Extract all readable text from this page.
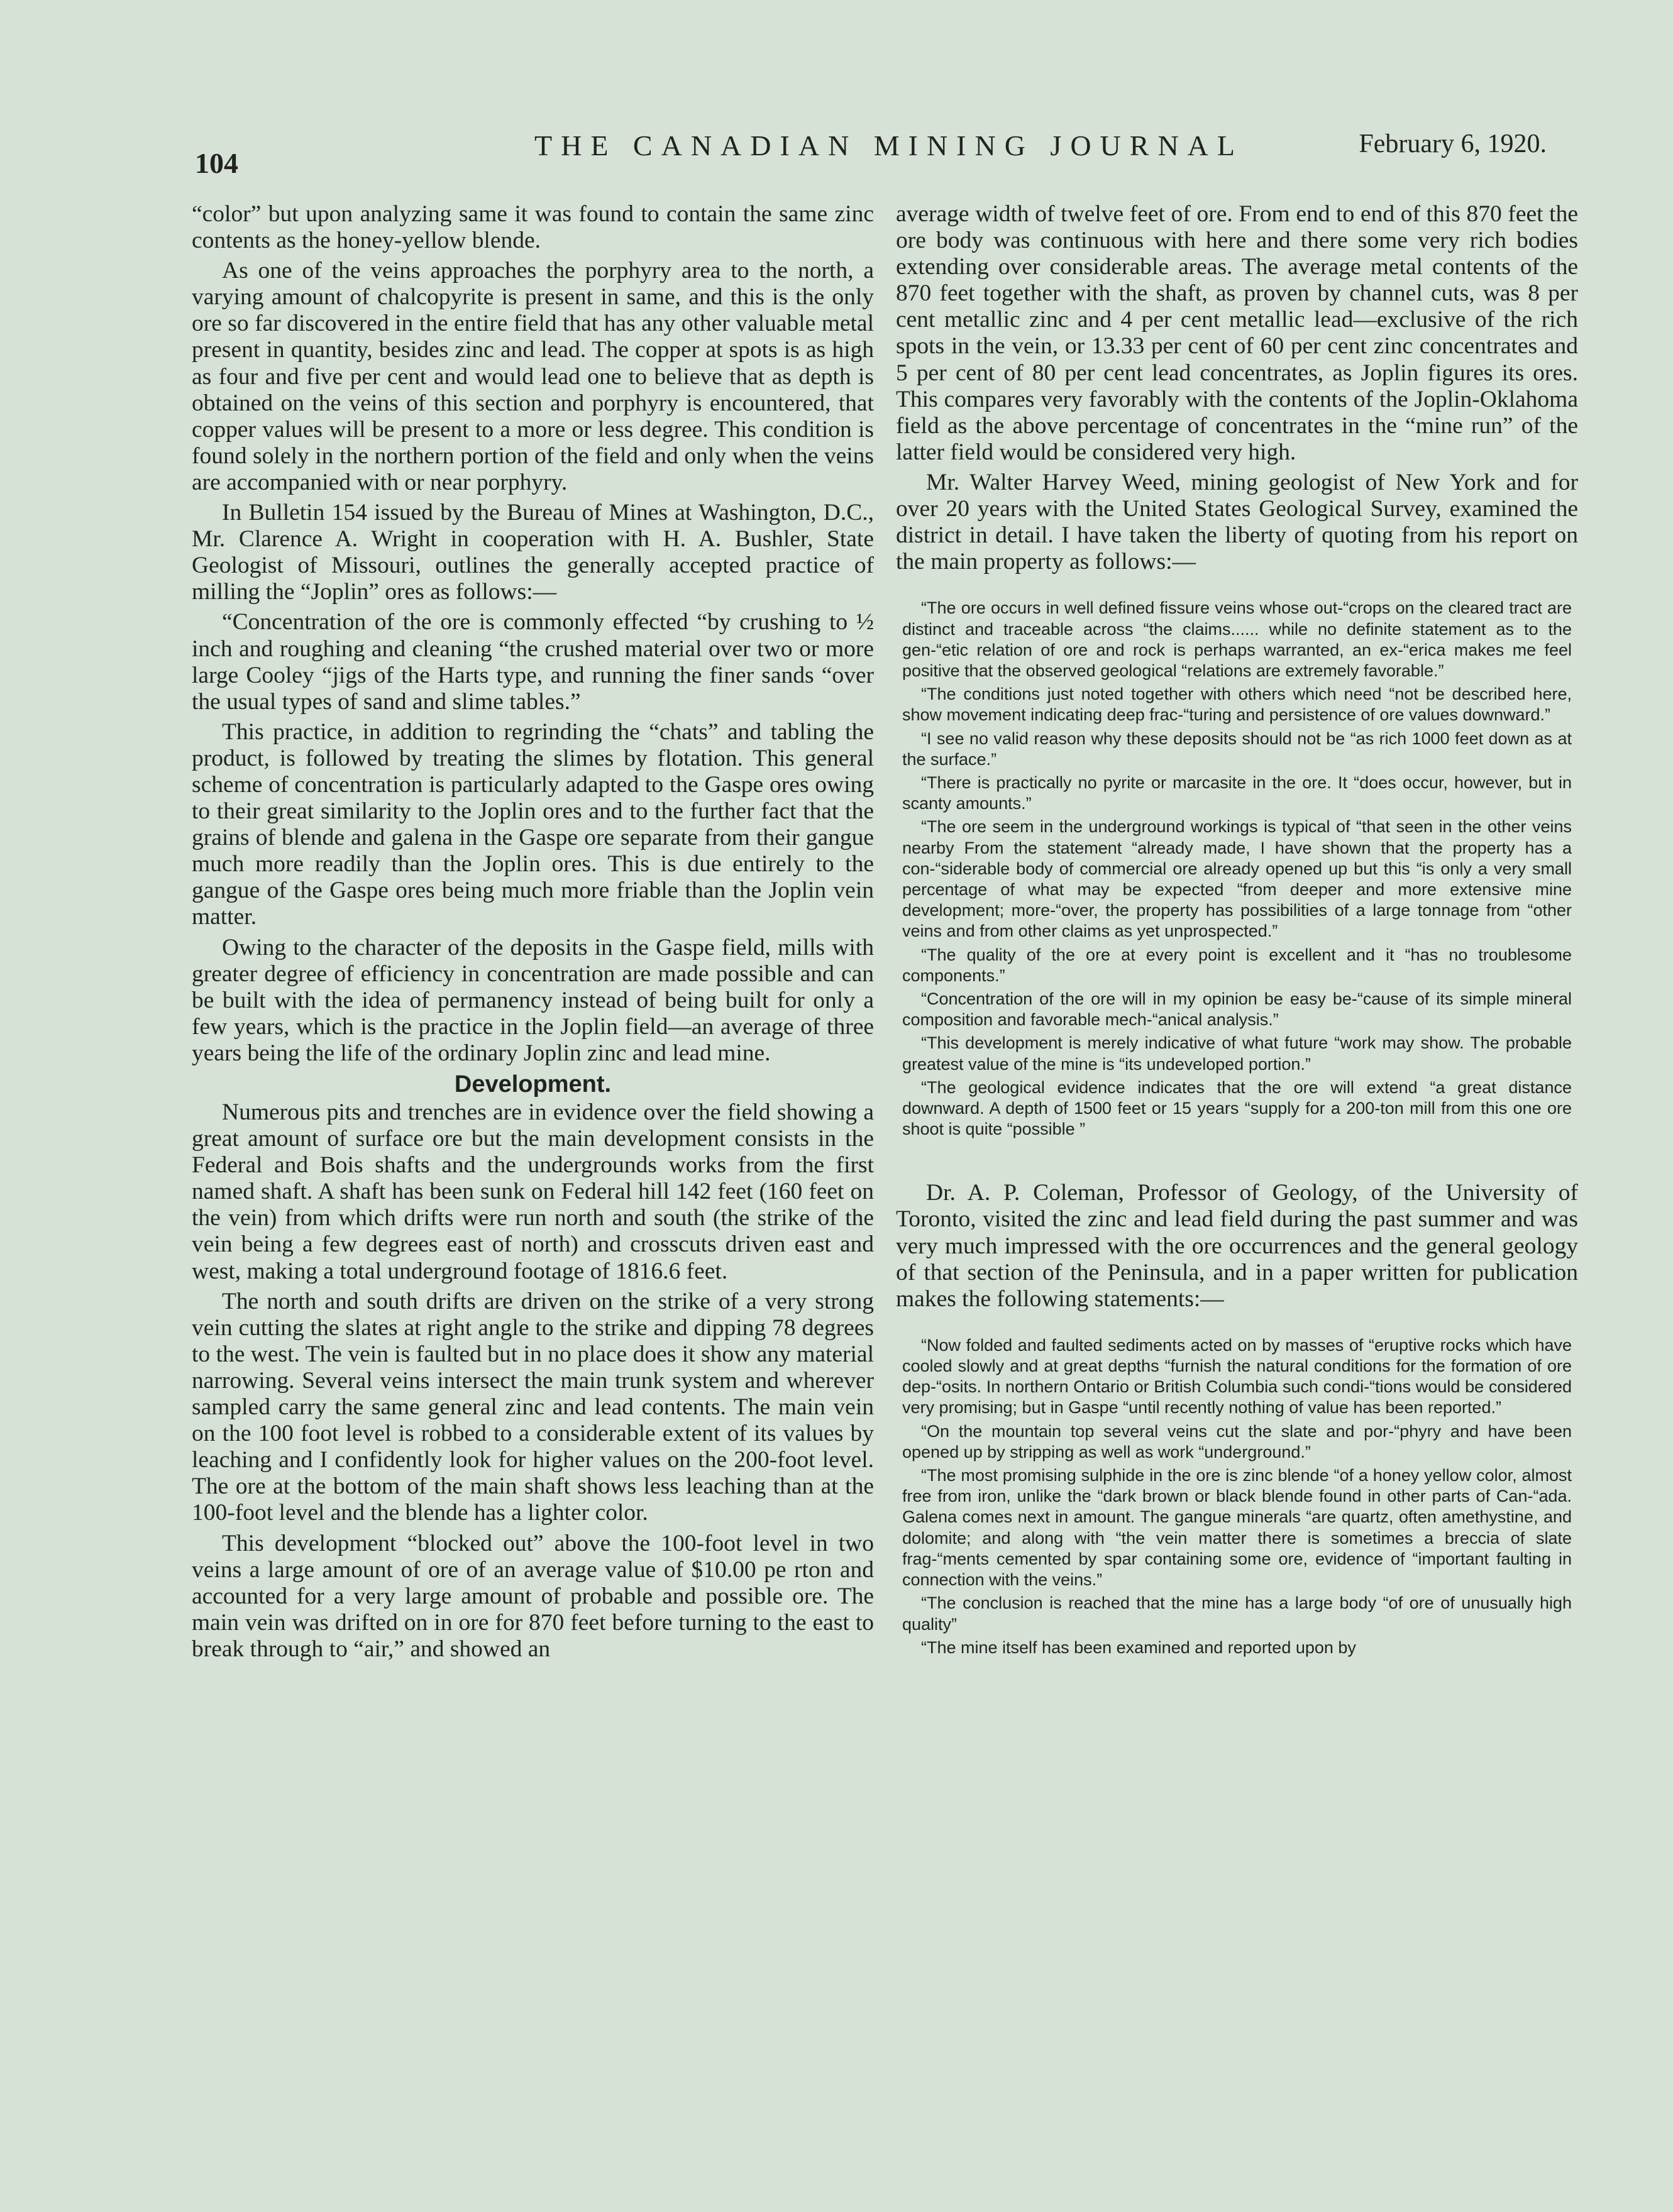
104
THE CANADIAN MINING JOURNAL	February 6, 1920.

“color” but upon analyzing same it was found to contain the same zinc contents as the honey-yellow blende.

As one of the veins approaches the porphyry area to the north, a varying amount of chalcopyrite is present in same, and this is the only ore so far discovered in the entire field that has any other valuable metal present in quantity, besides zinc and lead. The copper at spots is as high as four and five per cent and would lead one to believe that as depth is obtained on the veins of this section and porphyry is encountered, that copper values will be present to a more or less degree. This condition is found solely in the northern portion of the field and only when the veins are accompanied with or near porphyry.

In Bulletin 154 issued by the Bureau of Mines at Washington, D.C., Mr. Clarence A. Wright in cooperation with H. A. Bushler, State Geologist of Missouri, outlines the generally accepted practice of milling the “Joplin” ores as follows:—

“Concentration of the ore is commonly effected “by crushing to ½ inch and roughing and cleaning “the crushed material over two or more large Cooley “jigs of the Harts type, and running the finer sands “over the usual types of sand and slime tables.”

This practice, in addition to regrinding the “chats” and tabling the product, is followed by treating the slimes by flotation. This general scheme of concentration is particularly adapted to the Gaspe ores owing to their great similarity to the Joplin ores and to the further fact that the grains of blende and galena in the Gaspe ore separate from their gangue much more readily than the Joplin ores. This is due entirely to the gangue of the Gaspe ores being much more friable than the Joplin vein matter.

Owing to the character of the deposits in the Gaspe field, mills with greater degree of efficiency in concentration are made possible and can be built with the idea of permanency instead of being built for only a few years, which is the practice in the Joplin field—an average of three years being the life of the ordinary Joplin zinc and lead mine.

Development.

Numerous pits and trenches are in evidence over the field showing a great amount of surface ore but the main development consists in the Federal and Bois shafts and the undergrounds works from the first named shaft. A shaft has been sunk on Federal hill 142 feet (160 feet on the vein) from which drifts were run north and south (the strike of the vein being a few degrees east of north) and crosscuts driven east and west, making a total underground footage of 1816.6 feet.

The north and south drifts are driven on the strike of a very strong vein cutting the slates at right angle to the strike and dipping 78 degrees to the west. The vein is faulted but in no place does it show any material narrowing. Several veins intersect the main trunk system and wherever sampled carry the same general zinc and lead contents. The main vein on the 100 foot level is robbed to a considerable extent of its values by leaching and I confidently look for higher values on the 200-foot level. The ore at the bottom of the main shaft shows less leaching than at the 100-foot level and the blende has a lighter color.

This development “blocked out” above the 100-foot level in two veins a large amount of ore of an average value of $10.00 pe rton and accounted for a very large amount of probable and possible ore. The main vein was drifted on in ore for 870 feet before turning to the east to break through to “air,” and showed an

average width of twelve feet of ore. From end to end of this 870 feet the ore body was continuous with here and there some very rich bodies extending over considerable areas. The average metal contents of the 870 feet together with the shaft, as proven by channel cuts, was 8 per cent metallic zinc and 4 per cent metallic lead—exclusive of the rich spots in the vein, or 13.33 per cent of 60 per cent zinc concentrates and 5 per cent of 80 per cent lead concentrates, as Joplin figures its ores. This compares very favorably with the contents of the Joplin-Oklahoma field as the above percentage of concentrates in the “mine run” of the latter field would be considered very high.

Mr. Walter Harvey Weed, mining geologist of New York and for over 20 years with the United States Geological Survey, examined the district in detail. I have taken the liberty of quoting from his report on the main property as follows:—

“The ore occurs in well defined fissure veins whose out-“crops on the cleared tract are distinct and traceable across “the claims...... while no definite statement as to the gen-“etic relation of ore and rock is perhaps warranted, an ex-“erica makes me feel positive that the observed geological “relations are extremely favorable.”

“The conditions just noted together with others which need “not be described here, show movement indicating deep frac-“turing and persistence of ore values downward.”

“I see no valid reason why these deposits should not be “as rich 1000 feet down as at the surface.”

“There is practically no pyrite or marcasite in the ore. It “does occur, however, but in scanty amounts.”

“The ore seem in the underground workings is typical of “that seen in the other veins nearby From the statement “already made, I have shown that the property has a con-“siderable body of commercial ore already opened up but this “is only a very small percentage of what may be expected “from deeper and more extensive mine development; more-“over, the property has possibilities of a large tonnage from “other veins and from other claims as yet unprospected.”

“The quality of the ore at every point is excellent and it “has no troublesome components.”

“Concentration of the ore will in my opinion be easy be-“cause of its simple mineral composition and favorable mech-“anical analysis.”

“This development is merely indicative of what future “work may show. The probable greatest value of the mine is “its undeveloped portion.”

“The geological evidence indicates that the ore will extend “a great distance downward. A depth of 1500 feet or 15 years “supply for a 200-ton mill from this one ore shoot is quite “possible ”

Dr. A. P. Coleman, Professor of Geology, of the University of Toronto, visited the zinc and lead field during the past summer and was very much impressed with the ore occurrences and the general geology of that section of the Peninsula, and in a paper written for publication makes the following statements:—

“Now folded and faulted sediments acted on by masses of “eruptive rocks which have cooled slowly and at great depths “furnish the natural conditions for the formation of ore dep-“osits. In northern Ontario or British Columbia such condi-“tions would be considered very promising; but in Gaspe “until recently nothing of value has been reported.”

“On the mountain top several veins cut the slate and por-“phyry and have been opened up by stripping as well as work “underground.”

“The most promising sulphide in the ore is zinc blende “of a honey yellow color, almost free from iron, unlike the “dark brown or black blende found in other parts of Can-“ada. Galena comes next in amount. The gangue minerals “are quartz, often amethystine, and dolomite; and along with “the vein matter there is sometimes a breccia of slate frag-“ments cemented by spar containing some ore, evidence of “important faulting in connection with the veins.”

“The conclusion is reached that the mine has a large body “of ore of unusually high quality”

“The mine itself has been examined and reported upon by
